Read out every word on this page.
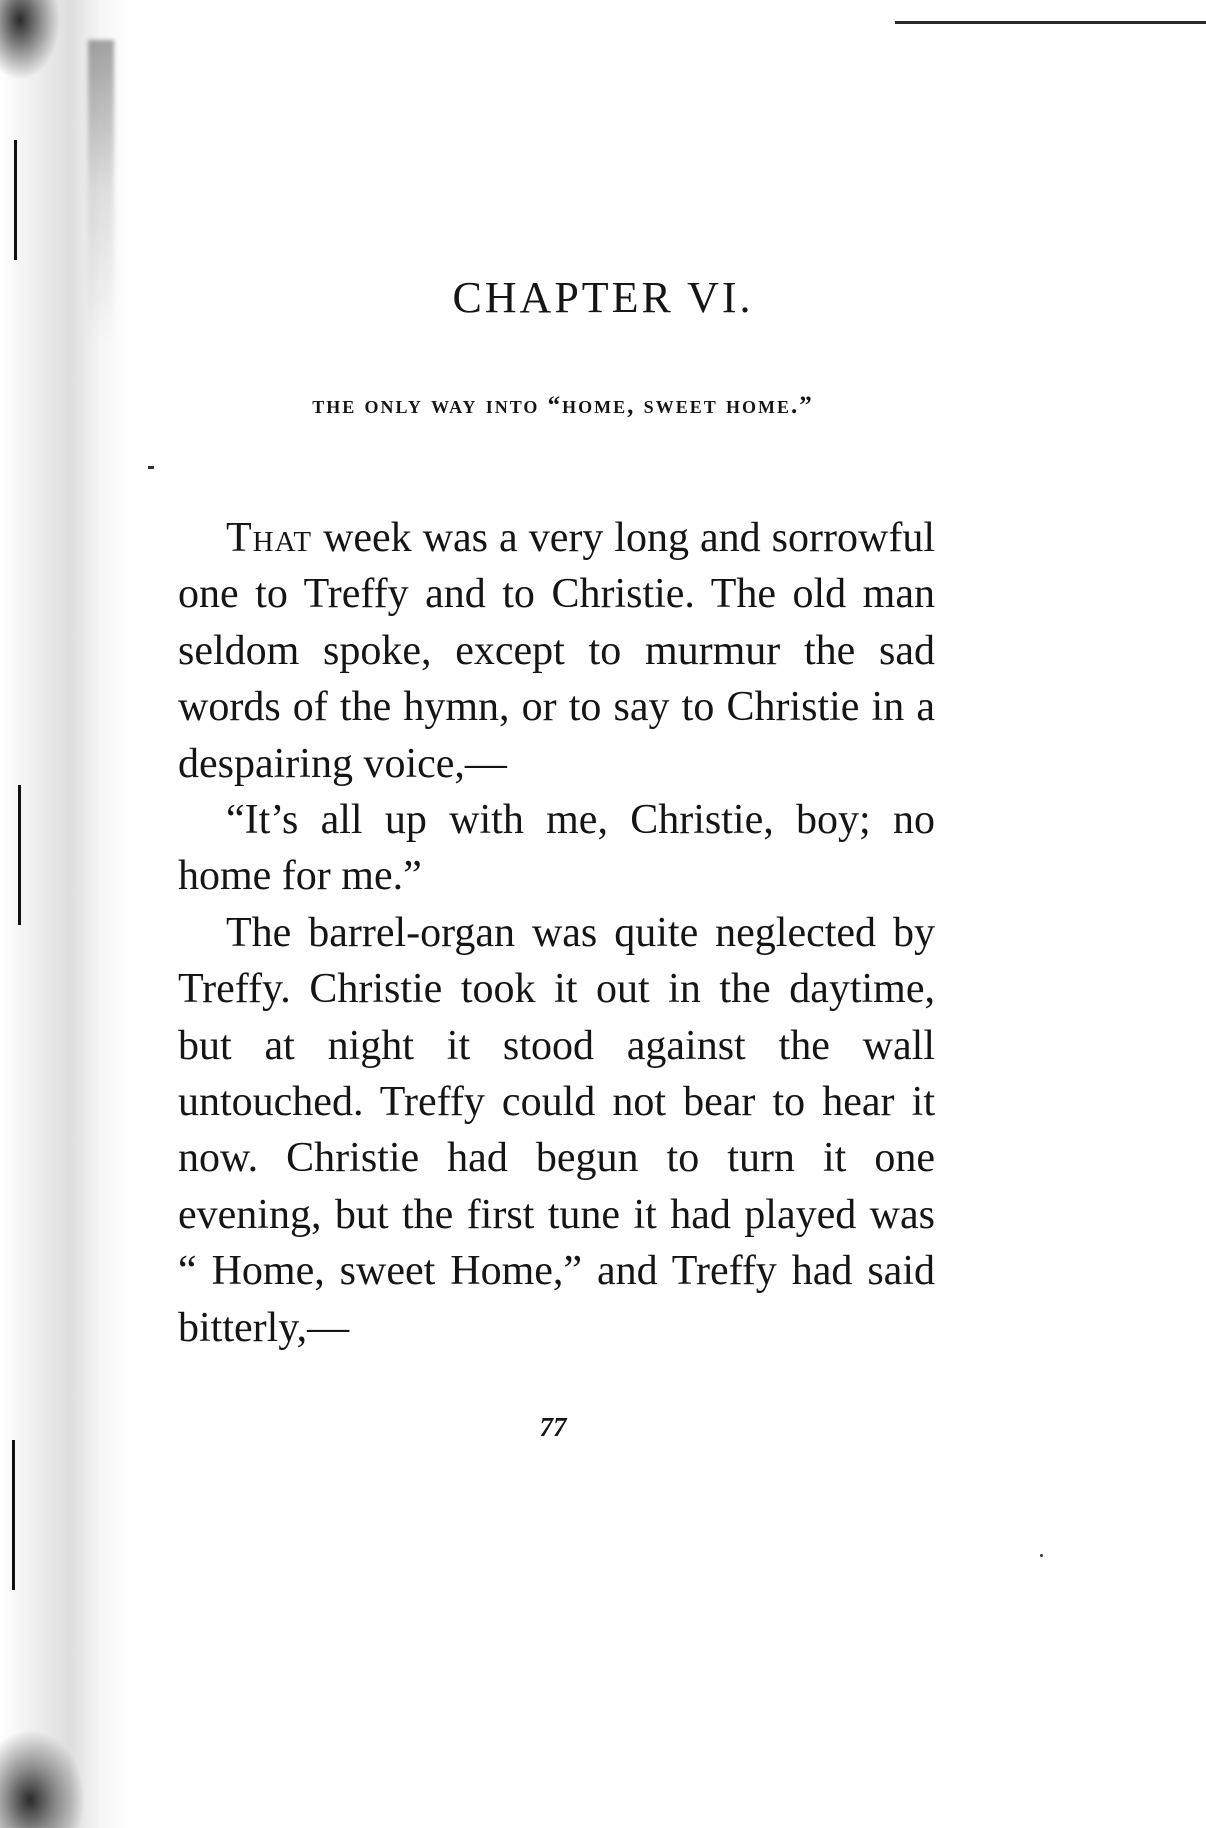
CHAPTER VI.
the only way into “home, sweet home.”

That week was a very long and sorrowful one to Treffy and to Christie. The old man seldom spoke, except to murmur the sad words of the hymn, or to say to Christie in a despairing voice,—

“It’s all up with me, Christie, boy; no home for me.”

The barrel-organ was quite neglected by Treffy. Christie took it out in the daytime, but at night it stood against the wall untouched. Treffy could not bear to hear it now. Christie had begun to turn it one evening, but the first tune it had played was “ Home, sweet Home,” and Treffy had said bitterly,—

77
